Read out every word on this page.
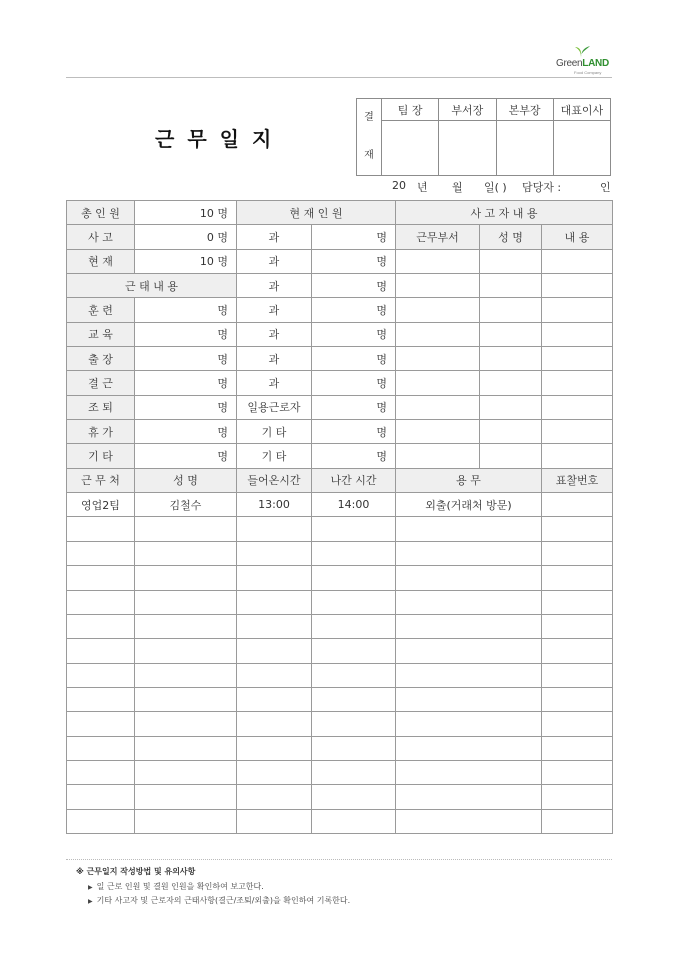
GreenLAND
Food Company
근무일지
결
재	팀 장	부서장	본부장	대표이사

20 년 월 일( ) 담당자 :	인
총 인 원	10 명	현 재 인 원		사 고 자 내 용		
사 고	0 명	과	명	근무부서	성 명	내 용
현 재	10 명	과	명			
근 태 내 용		과	명			
훈 련	명	과	명			
교 육	명	과	명			
출 장	명	과	명			
결 근	명	과	명			
조 퇴	명	일용근로자	명			
휴 가	명	기 타	명			
기 타	명	기 타	명			
근 무 처	성 명	들어온시간	나간 시간	용 무		표찰번호
영업2팀	김철수	13:00	14:00	외출(거래처 방문)		

※ 근무일지 작성방법 및 유의사항
▶ 일 근로 인원 및 결원 인원을 확인하여 보고한다.
▶ 기타 사고자 및 근로자의 근태사항(결근/조퇴/외출)을 확인하여 기록한다.
